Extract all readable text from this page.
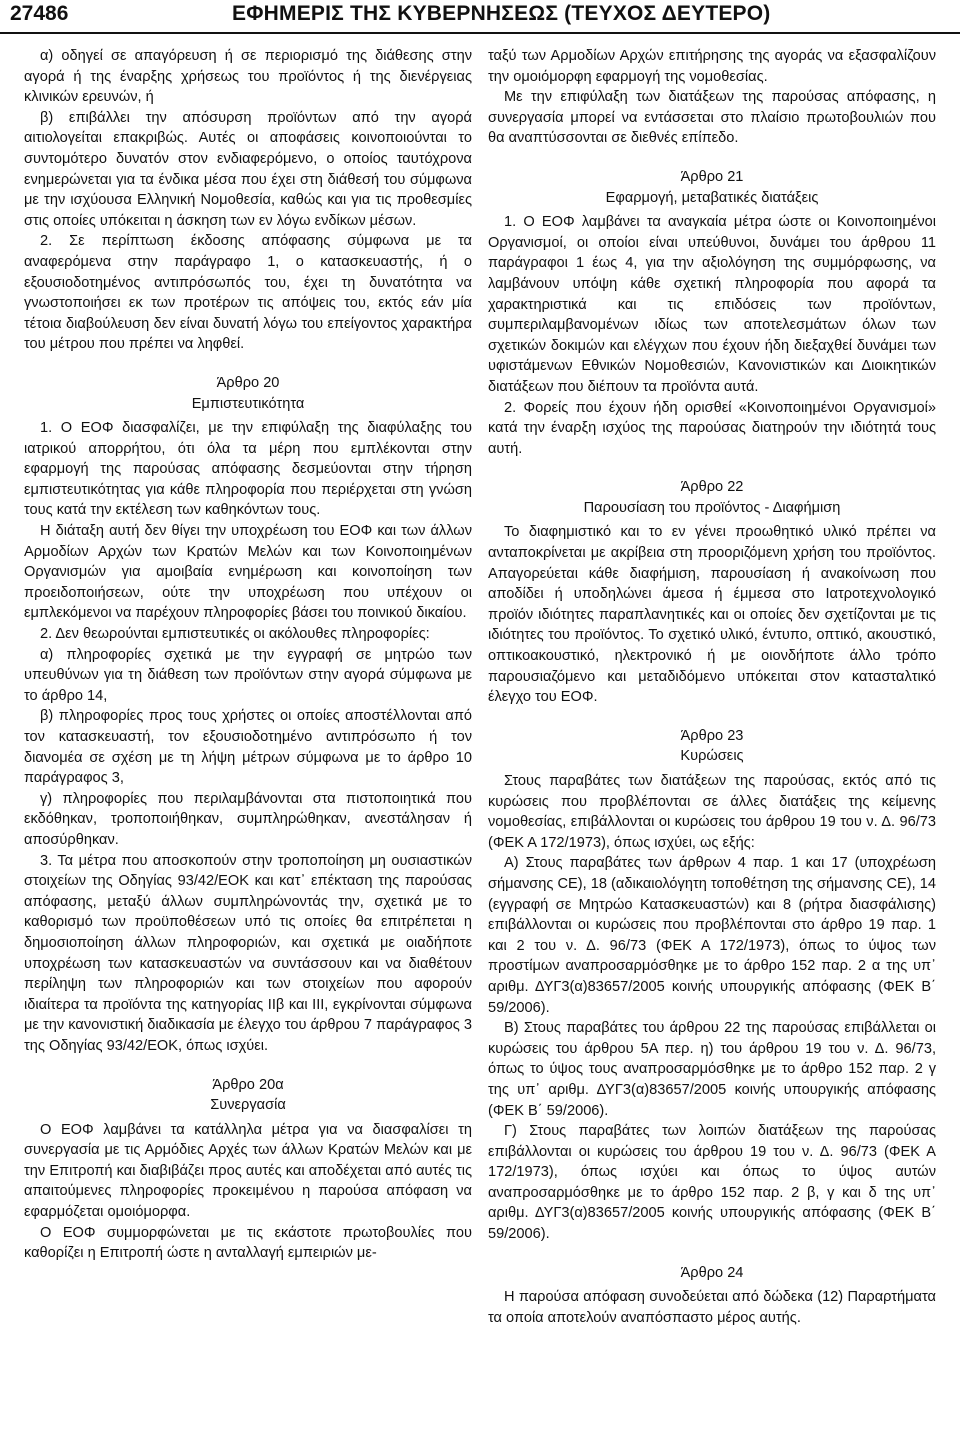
27486	ΕΦΗΜΕΡΙΣ ΤΗΣ ΚΥΒΕΡΝΗΣΕΩΣ (ΤΕΥΧΟΣ ΔΕΥΤΕΡΟ)

α) οδηγεί σε απαγόρευση ή σε περιορισμό της διάθεσης στην αγορά ή της έναρξης χρήσεως του προϊόντος ή της διενέργειας κλινικών ερευνών, ή

β) επιβάλλει την απόσυρση προϊόντων από την αγορά αιτιολογείται επακριβώς. Αυτές οι αποφάσεις κοινοποιούνται το συντομότερο δυνατόν στον ενδιαφερόμενο, ο οποίος ταυτόχρονα ενημερώνεται για τα ένδικα μέσα που έχει στη διάθεσή του σύμφωνα με την ισχύουσα Ελληνική Νομοθεσία, καθώς και για τις προθεσμίες στις οποίες υπόκειται η άσκηση των εν λόγω ενδίκων μέσων.

2. Σε περίπτωση έκδοσης απόφασης σύμφωνα με τα αναφερόμενα στην παράγραφο 1, ο κατασκευαστής, ή ο εξουσιοδοτημένος αντιπρόσωπός του, έχει τη δυνατότητα να γνωστοποιήσει εκ των προτέρων τις απόψεις του, εκτός εάν μία τέτοια διαβούλευση δεν είναι δυνατή λόγω του επείγοντος χαρακτήρα του μέτρου που πρέπει να ληφθεί.

Άρθρο 20
Εμπιστευτικότητα

1. Ο ΕΟΦ διασφαλίζει, με την επιφύλαξη της διαφύλαξης του ιατρικού απορρήτου, ότι όλα τα μέρη που εμπλέκονται στην εφαρμογή της παρούσας απόφασης δεσμεύονται στην τήρηση εμπιστευτικότητας για κάθε πληροφορία που περιέρχεται στη γνώση τους κατά την εκτέλεση των καθηκόντων τους.

Η διάταξη αυτή δεν θίγει την υποχρέωση του ΕΟΦ και των άλλων Αρμοδίων Αρχών των Κρατών Μελών και των Κοινοποιημένων Οργανισμών για αμοιβαία ενημέρωση και κοινοποίηση των προειδοποιήσεων, ούτε την υποχρέωση που υπέχουν οι εμπλεκόμενοι να παρέχουν πληροφορίες βάσει του ποινικού δικαίου.

2. Δεν θεωρούνται εμπιστευτικές οι ακόλουθες πληροφορίες:

α) πληροφορίες σχετικά με την εγγραφή σε μητρώο των υπευθύνων για τη διάθεση των προϊόντων στην αγορά σύμφωνα με το άρθρο 14,

β) πληροφορίες προς τους χρήστες οι οποίες αποστέλλονται από τον κατασκευαστή, τον εξουσιοδοτημένο αντιπρόσωπο ή τον διανομέα σε σχέση με τη λήψη μέτρων σύμφωνα με το άρθρο 10 παράγραφος 3,

γ) πληροφορίες που περιλαμβάνονται στα πιστοποιητικά που εκδόθηκαν, τροποποιήθηκαν, συμπληρώθηκαν, ανεστάλησαν ή αποσύρθηκαν.

3. Τα μέτρα που αποσκοπούν στην τροποποίηση μη ουσιαστικών στοιχείων της Οδηγίας 93/42/ΕΟΚ και κατ᾽ επέκταση της παρούσας απόφασης, μεταξύ άλλων συμπληρώνοντάς την, σχετικά με το καθορισμό των προϋποθέσεων υπό τις οποίες θα επιτρέπεται η δημοσιοποίηση άλλων πληροφοριών, και σχετικά με οιαδήποτε υποχρέωση των κατασκευαστών να συντάσσουν και να διαθέτουν περίληψη των πληροφοριών και των στοιχείων που αφορούν ιδιαίτερα τα προϊόντα της κατηγορίας ΙΙβ και ΙΙΙ, εγκρίνονται σύμφωνα με την κανονιστική διαδικασία με έλεγχο του άρθρου 7 παράγραφος 3 της Οδηγίας 93/42/ΕΟΚ, όπως ισχύει.

Άρθρο 20α
Συνεργασία

Ο ΕΟΦ λαμβάνει τα κατάλληλα μέτρα για να διασφαλίσει τη συνεργασία με τις Αρμόδιες Αρχές των άλλων Κρατών Μελών και με την Επιτροπή και διαβιβάζει προς αυτές και αποδέχεται από αυτές τις απαιτούμενες πληροφορίες προκειμένου η παρούσα απόφαση να εφαρμόζεται ομοιόμορφα.

Ο ΕΟΦ συμμορφώνεται με τις εκάστοτε πρωτοβουλίες που καθορίζει η Επιτροπή ώστε η ανταλλαγή εμπειριών με-

ταξύ των Αρμοδίων Αρχών επιτήρησης της αγοράς να εξασφαλίζουν την ομοιόμορφη εφαρμογή της νομοθεσίας.

Με την επιφύλαξη των διατάξεων της παρούσας απόφασης, η συνεργασία μπορεί να εντάσσεται στο πλαίσιο πρωτοβουλιών που θα αναπτύσσονται σε διεθνές επίπεδο.

Άρθρο 21
Εφαρμογή, μεταβατικές διατάξεις

1. Ο ΕΟΦ λαμβάνει τα αναγκαία μέτρα ώστε οι Κοινοποιημένοι Οργανισμοί, οι οποίοι είναι υπεύθυνοι, δυνάμει του άρθρου 11 παράγραφοι 1 έως 4, για την αξιολόγηση της συμμόρφωσης, να λαμβάνουν υπόψη κάθε σχετική πληροφορία που αφορά τα χαρακτηριστικά και τις επιδόσεις των προϊόντων, συμπεριλαμβανομένων ιδίως των αποτελεσμάτων όλων των σχετικών δοκιμών και ελέγχων που έχουν ήδη διεξαχθεί δυνάμει των υφιστάμενων Εθνικών Νομοθεσιών, Κανονιστικών και Διοικητικών διατάξεων που διέπουν τα προϊόντα αυτά.

2. Φορείς που έχουν ήδη ορισθεί «Κοινοποιημένοι Οργανισμοί» κατά την έναρξη ισχύος της παρούσας διατηρούν την ιδιότητά τους αυτή.

Άρθρο 22
Παρουσίαση του προϊόντος - Διαφήμιση

Το διαφημιστικό και το εν γένει προωθητικό υλικό πρέπει να ανταποκρίνεται με ακρίβεια στη προοριζόμενη χρήση του προϊόντος. Απαγορεύεται κάθε διαφήμιση, παρουσίαση ή ανακοίνωση που αποδίδει ή υποδηλώνει άμεσα ή έμμεσα στο Ιατροτεχνολογικό προϊόν ιδιότητες παραπλανητικές και οι οποίες δεν σχετίζονται με τις ιδιότητες του προϊόντος. Το σχετικό υλικό, έντυπο, οπτικό, ακουστικό, οπτικοακουστικό, ηλεκτρονικό ή με οιονδήποτε άλλο τρόπο παρουσιαζόμενο και μεταδιδόμενο υπόκειται στον κατασταλτικό έλεγχο του ΕΟΦ.

Άρθρο 23
Κυρώσεις

Στους παραβάτες των διατάξεων της παρούσας, εκτός από τις κυρώσεις που προβλέπονται σε άλλες διατάξεις της κείμενης νομοθεσίας, επιβάλλονται οι κυρώσεις του άρθρου 19 του ν. Δ. 96/73 (ΦΕΚ Α 172/1973), όπως ισχύει, ως εξής:

Α) Στους παραβάτες των άρθρων 4 παρ. 1 και 17 (υποχρέωση σήμανσης CE), 18 (αδικαιολόγητη τοποθέτηση της σήμανσης CE), 14 (εγγραφή σε Μητρώο Κατασκευαστών) και 8 (ρήτρα διασφάλισης) επιβάλλονται οι κυρώσεις που προβλέπονται στο άρθρο 19 παρ. 1 και 2 του ν. Δ. 96/73 (ΦΕΚ Α 172/1973), όπως το ύψος των προστίμων αναπροσαρμόσθηκε με το άρθρο 152 παρ. 2 α της υπ᾽ αριθμ. ΔΥΓ3(α)83657/2005 κοινής υπουργικής απόφασης (ΦΕΚ Β΄ 59/2006).

Β) Στους παραβάτες του άρθρου 22 της παρούσας επιβάλλεται οι κυρώσεις του άρθρου 5Α περ. η) του άρθρου 19 του ν. Δ. 96/73, όπως το ύψος τους αναπροσαρμόσθηκε με το άρθρο 152 παρ. 2 γ της υπ᾽ αριθμ. ΔΥΓ3(α)83657/2005 κοινής υπουργικής απόφασης (ΦΕΚ Β΄ 59/2006).

Γ) Στους παραβάτες των λοιπών διατάξεων της παρούσας επιβάλλονται οι κυρώσεις του άρθρου 19 του ν. Δ. 96/73 (ΦΕΚ Α 172/1973), όπως ισχύει και όπως το ύψος αυτών αναπροσαρμόσθηκε με το άρθρο 152 παρ. 2 β, γ και δ της υπ᾽ αριθμ. ΔΥΓ3(α)83657/2005 κοινής υπουργικής απόφασης (ΦΕΚ Β΄ 59/2006).

Άρθρο 24

Η παρούσα απόφαση συνοδεύεται από δώδεκα (12) Παραρτήματα τα οποία αποτελούν αναπόσπαστο μέρος αυτής.
